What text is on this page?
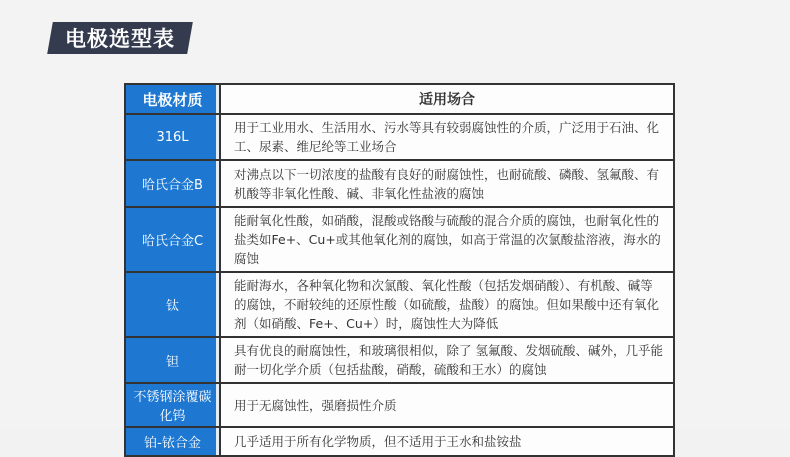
电极选型表
电极材质	适用场合
316L	用于工业用水、生活用水、污水等具有较弱腐蚀性的介质，广泛用于石油、化工、尿素、维尼纶等工业场合
哈氏合金B	对沸点以下一切浓度的盐酸有良好的耐腐蚀性，也耐硫酸、磷酸、氢氟酸、有机酸等非氧化性酸、碱、非氧化性盐液的腐蚀
哈氏合金C	能耐氧化性酸，如硝酸，混酸或铬酸与硫酸的混合介质的腐蚀，也耐氧化性的盐类如Fe+、Cu+或其他氧化剂的腐蚀，如高于常温的次氯酸盐溶液，海水的腐蚀
钛	能耐海水，各种氧化物和次氯酸、氧化性酸（包括发烟硝酸）、有机酸、碱等的腐蚀，不耐较纯的还原性酸（如硫酸，盐酸）的腐蚀。但如果酸中还有氧化剂（如硝酸、Fe+、Cu+）时，腐蚀性大为降低
钽	具有优良的耐腐蚀性，和玻璃很相似，除了 氢氟酸、发烟硫酸、碱外，几乎能耐一切化学介质（包括盐酸，硝酸，硫酸和王水）的腐蚀
不锈钢涂覆碳化钨	用于无腐蚀性，强磨损性介质
铂-铱合金	几乎适用于所有化学物质，但不适用于王水和盐铵盐
